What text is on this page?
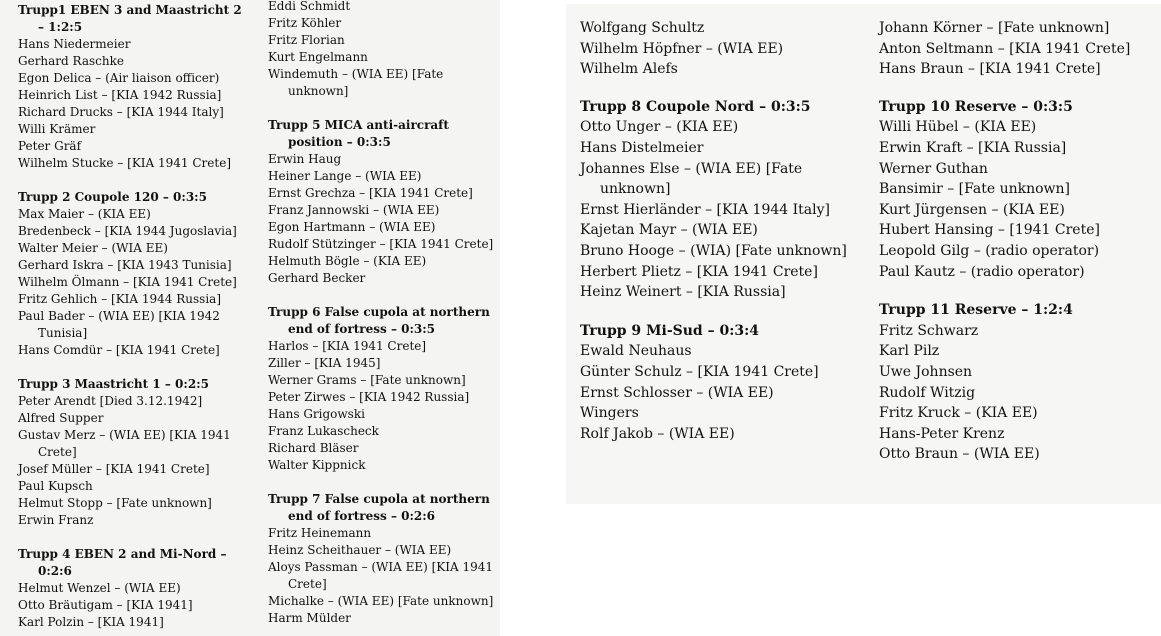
Trupp1 EBEN 3 and Maastricht 2 – 1:2:5
Hans Niedermeier
Gerhard Raschke
Egon Delica – (Air liaison officer)
Heinrich List – [KIA 1942 Russia]
Richard Drucks – [KIA 1944 Italy]
Willi Krämer
Peter Gräf
Wilhelm Stucke – [KIA 1941 Crete]
Trupp 2 Coupole 120 – 0:3:5
Max Maier – (KIA EE)
Bredenbeck – [KIA 1944 Jugoslavia]
Walter Meier – (WIA EE)
Gerhard Iskra – [KIA 1943 Tunisia]
Wilhelm Ölmann – [KIA 1941 Crete]
Fritz Gehlich – [KIA 1944 Russia]
Paul Bader – (WIA EE) [KIA 1942 Tunisia]
Hans Comdür – [KIA 1941 Crete]
Trupp 3 Maastricht 1 – 0:2:5
Peter Arendt [Died 3.12.1942]
Alfred Supper
Gustav Merz – (WIA EE) [KIA 1941 Crete]
Josef Müller – [KIA 1941 Crete]
Paul Kupsch
Helmut Stopp – [Fate unknown]
Erwin Franz
Trupp 4 EBEN 2 and Mi-Nord – 0:2:6
Helmut Wenzel – (WIA EE)
Otto Bräutigam – [KIA 1941]
Karl Polzin – [KIA 1941]
Eddi Schmidt
Fritz Köhler
Fritz Florian
Kurt Engelmann
Windemuth – (WIA EE) [Fate unknown]
Trupp 5 MICA anti-aircraft position – 0:3:5
Erwin Haug
Heiner Lange – (WIA EE)
Ernst Grechza – [KIA 1941 Crete]
Franz Jannowski – (WIA EE)
Egon Hartmann – (WIA EE)
Rudolf Stützinger – [KIA 1941 Crete]
Helmuth Bögle – (KIA EE)
Gerhard Becker
Trupp 6 False cupola at northern end of fortress – 0:3:5
Harlos – [KIA 1941 Crete]
Ziller – [KIA 1945]
Werner Grams – [Fate unknown]
Peter Zirwes – [KIA 1942 Russia]
Hans Grigowski
Franz Lukascheck
Richard Bläser
Walter Kippnick
Trupp 7 False cupola at northern end of fortress – 0:2:6
Fritz Heinemann
Heinz Scheithauer – (WIA EE)
Aloys Passman – (WIA EE) [KIA 1941 Crete]
Michalke – (WIA EE) [Fate unknown]
Harm Mülder
Wolfgang Schultz
Wilhelm Höpfner – (WIA EE)
Wilhelm Alefs
Trupp 8 Coupole Nord – 0:3:5
Otto Unger – (KIA EE)
Hans Distelmeier
Johannes Else – (WIA EE) [Fate unknown]
Ernst Hierländer – [KIA 1944 Italy]
Kajetan Mayr – (WIA EE)
Bruno Hooge – (WIA) [Fate unknown]
Herbert Plietz – [KIA 1941 Crete]
Heinz Weinert – [KIA Russia]
Trupp 9 Mi-Sud – 0:3:4
Ewald Neuhaus
Günter Schulz – [KIA 1941 Crete]
Ernst Schlosser – (WIA EE)
Wingers
Rolf Jakob – (WIA EE)
Johann Körner – [Fate unknown]
Anton Seltmann – [KIA 1941 Crete]
Hans Braun – [KIA 1941 Crete]
Trupp 10 Reserve – 0:3:5
Willi Hübel – (KIA EE)
Erwin Kraft – [KIA Russia]
Werner Guthan
Bansimir – [Fate unknown]
Kurt Jürgensen – (KIA EE)
Hubert Hansing – [1941 Crete]
Leopold Gilg – (radio operator)
Paul Kautz – (radio operator)
Trupp 11 Reserve – 1:2:4
Fritz Schwarz
Karl Pilz
Uwe Johnsen
Rudolf Witzig
Fritz Kruck – (KIA EE)
Hans-Peter Krenz
Otto Braun – (WIA EE)
